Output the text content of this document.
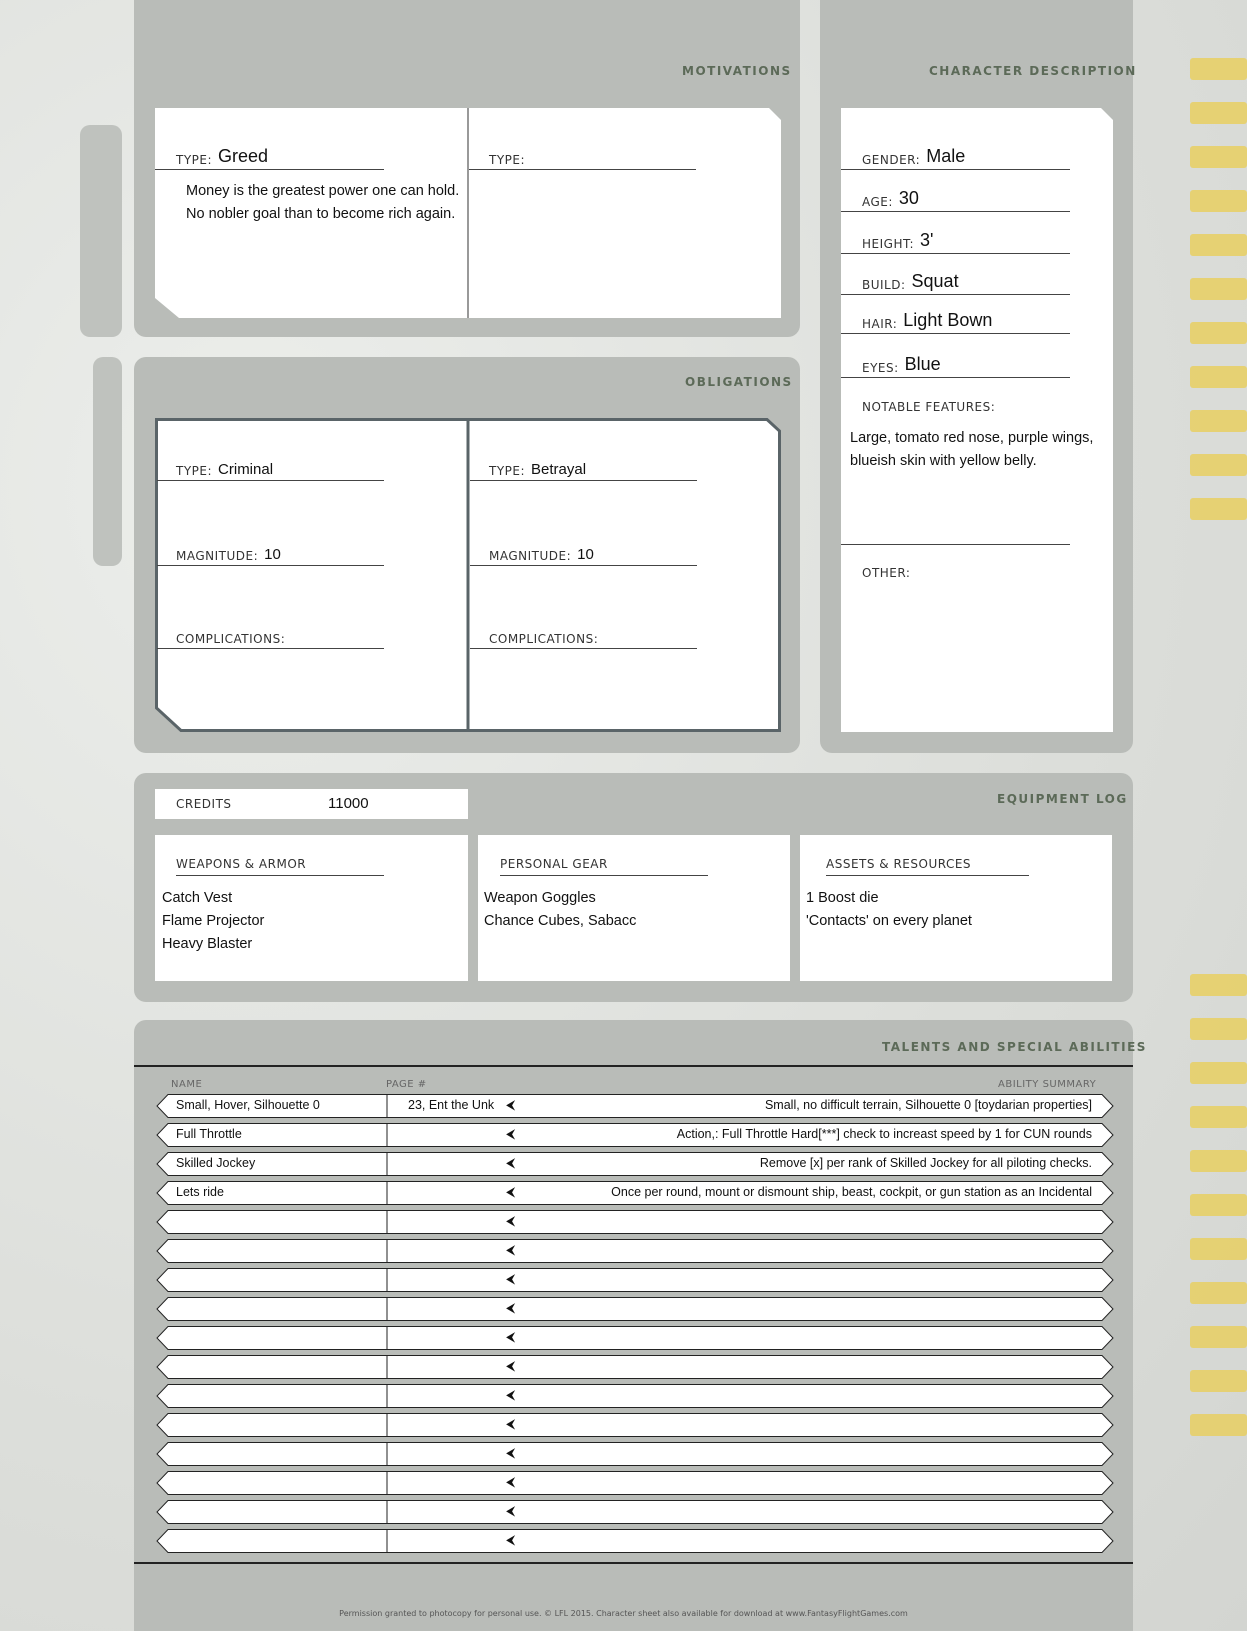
MOTIVATIONS
TYPE: Greed
Money is the greatest power one can hold.
No nobler goal than to become rich again.
TYPE:
OBLIGATIONS
TYPE: Criminal
MAGNITUDE: 10
COMPLICATIONS:
TYPE: Betrayal
MAGNITUDE: 10
COMPLICATIONS:
CHARACTER DESCRIPTION
GENDER: Male
AGE: 30
HEIGHT: 3'
BUILD: Squat
HAIR: Light Bown
EYES: Blue
NOTABLE FEATURES:
Large, tomato red nose, purple wings,
blueish skin with yellow belly.
OTHER:
EQUIPMENT LOG
CREDITS	11000
WEAPONS & ARMOR
Catch Vest
Flame Projector
Heavy Blaster
PERSONAL GEAR
Weapon Goggles
Chance Cubes, Sabacc
ASSETS & RESOURCES
1 Boost die
'Contacts' on every planet
TALENTS AND SPECIAL ABILITIES
NAME	PAGE #	ABILITY SUMMARY
Small, Hover, Silhouette 0	23, Ent the Unk ⮜	Small, no difficult terrain, Silhouette 0 [toydarian properties]
Full Throttle	⮜	Action,: Full Throttle Hard[***] check to increast speed by 1 for CUN rounds
Skilled Jockey	⮜	Remove [x] per rank of Skilled Jockey for all piloting checks.
Lets ride	⮜	Once per round, mount or dismount ship, beast, cockpit, or gun station as an Incidental
⮜
⮜
⮜
⮜
⮜
⮜
⮜
⮜
⮜
⮜
⮜
⮜
Permission granted to photocopy for personal use. © LFL 2015. Character sheet also available for download at www.FantasyFlightGames.com
